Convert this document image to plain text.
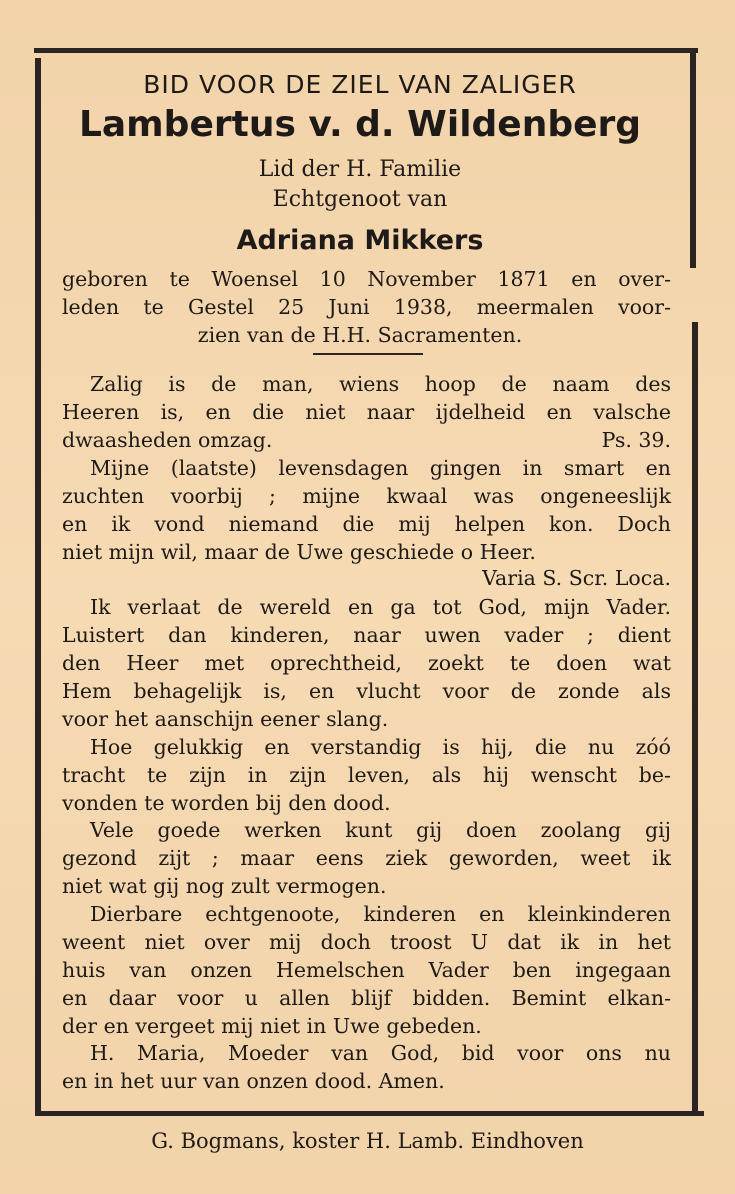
BID VOOR DE ZIEL VAN ZALIGER

Lambertus v. d. Wildenberg

Lid der H. Familie

Echtgenoot van

Adriana Mikkers

geboren te Woensel 10 November 1871 en over-

leden te Gestel 25 Juni 1938, meermalen voor-

zien van de H.H. Sacramenten.

Zalig is de man, wiens hoop de naam des

Heeren is, en die niet naar ijdelheid en valsche

dwaasheden omzag.	Ps. 39.

Mijne (laatste) levensdagen gingen in smart en

zuchten voorbij ; mijne kwaal was ongeneeslijk

en ik vond niemand die mij helpen kon. Doch

niet mijn wil, maar de Uwe geschiede o Heer.

Varia S. Scr. Loca.

Ik verlaat de wereld en ga tot God, mijn Vader.

Luistert dan kinderen, naar uwen vader ; dient

den Heer met oprechtheid, zoekt te doen wat

Hem behagelijk is, en vlucht voor de zonde als

voor het aanschijn eener slang.

Hoe gelukkig en verstandig is hij, die nu zóó

tracht te zijn in zijn leven, als hij wenscht be-

vonden te worden bij den dood.

Vele goede werken kunt gij doen zoolang gij

gezond zijt ; maar eens ziek geworden, weet ik

niet wat gij nog zult vermogen.

Dierbare echtgenoote, kinderen en kleinkinderen

weent niet over mij doch troost U dat ik in het

huis van onzen Hemelschen Vader ben ingegaan

en daar voor u allen blijf bidden. Bemint elkan-

der en vergeet mij niet in Uwe gebeden.

H. Maria, Moeder van God, bid voor ons nu

en in het uur van onzen dood. Amen.

G. Bogmans, koster H. Lamb. Eindhoven
